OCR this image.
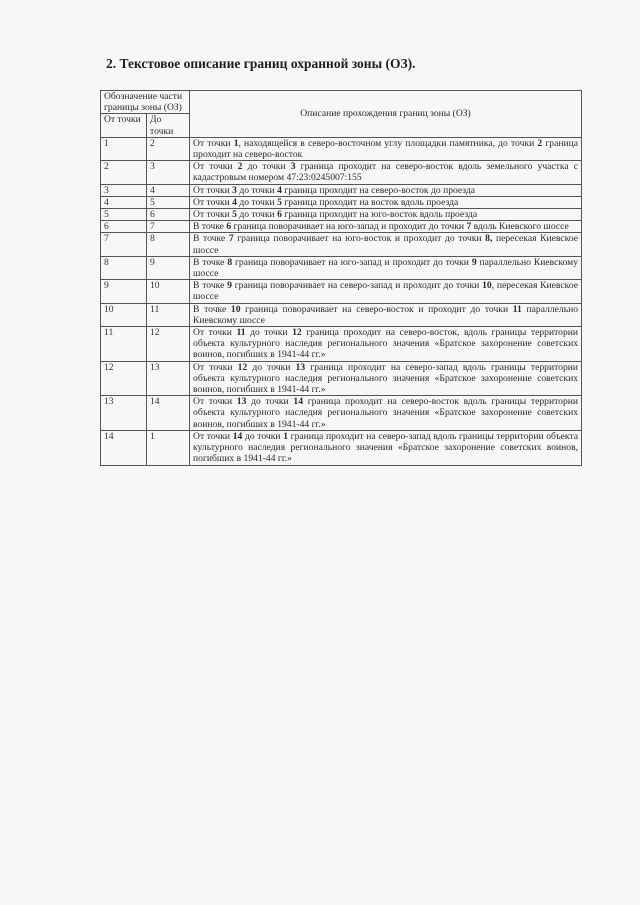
2. Текстовое описание границ охранной зоны (ОЗ).
Обозначение части границы зоны (ОЗ)		Описание прохождения границ зоны (ОЗ)
От точки	До точки	
1	2	От точки 1, находящейся в северо-восточном углу площадки памятника, до точки 2 граница проходит на северо-восток
2	3	От точки 2 до точки 3 граница проходит на северо-восток вдоль земельного участка с кадастровым номером 47:23:0245007:155
3	4	От точки 3 до точки 4 граница проходит на северо-восток до проезда
4	5	От точки 4 до точки 5 граница проходит на восток вдоль проезда
5	6	От точки 5 до точки 6 граница проходит на юго-восток вдоль проезда
6	7	В точке 6 граница поворачивает на юго-запад и проходит до точки 7 вдоль Киевского шоссе
7	8	В точке 7 граница поворачивает на юго-восток и проходит до точки 8, пересекая Киевское шоссе
8	9	В точке 8 граница поворачивает на юго-запад и проходит до точки 9 параллельно Киевскому шоссе
9	10	В точке 9 граница поворачивает на северо-запад и проходит до точки 10, пересекая Киевское шоссе
10	11	В точке 10 граница поворачивает на северо-восток и проходит до точки 11 параллельно Киевскому шоссе
11	12	От точки 11 до точки 12 граница проходит на северо-восток, вдоль границы территории объекта культурного наследия регионального значения «Братское захоронение советских воинов, погибших в 1941-44 гг.»
12	13	От точки 12 до точки 13 граница проходит на северо-запад вдоль границы территории объекта культурного наследия регионального значения «Братское захоронение советских воинов, погибших в 1941-44 гг.»
13	14	От точки 13 до точки 14 граница проходит на северо-восток вдоль границы территории объекта культурного наследия регионального значения «Братское захоронение советских воинов, погибших в 1941-44 гг.»
14	1	От точки 14 до точки 1 граница проходит на северо-запад вдоль границы территории объекта культурного наследия регионального значения «Братское захоронение советских воинов, погибших в 1941-44 гг.»
